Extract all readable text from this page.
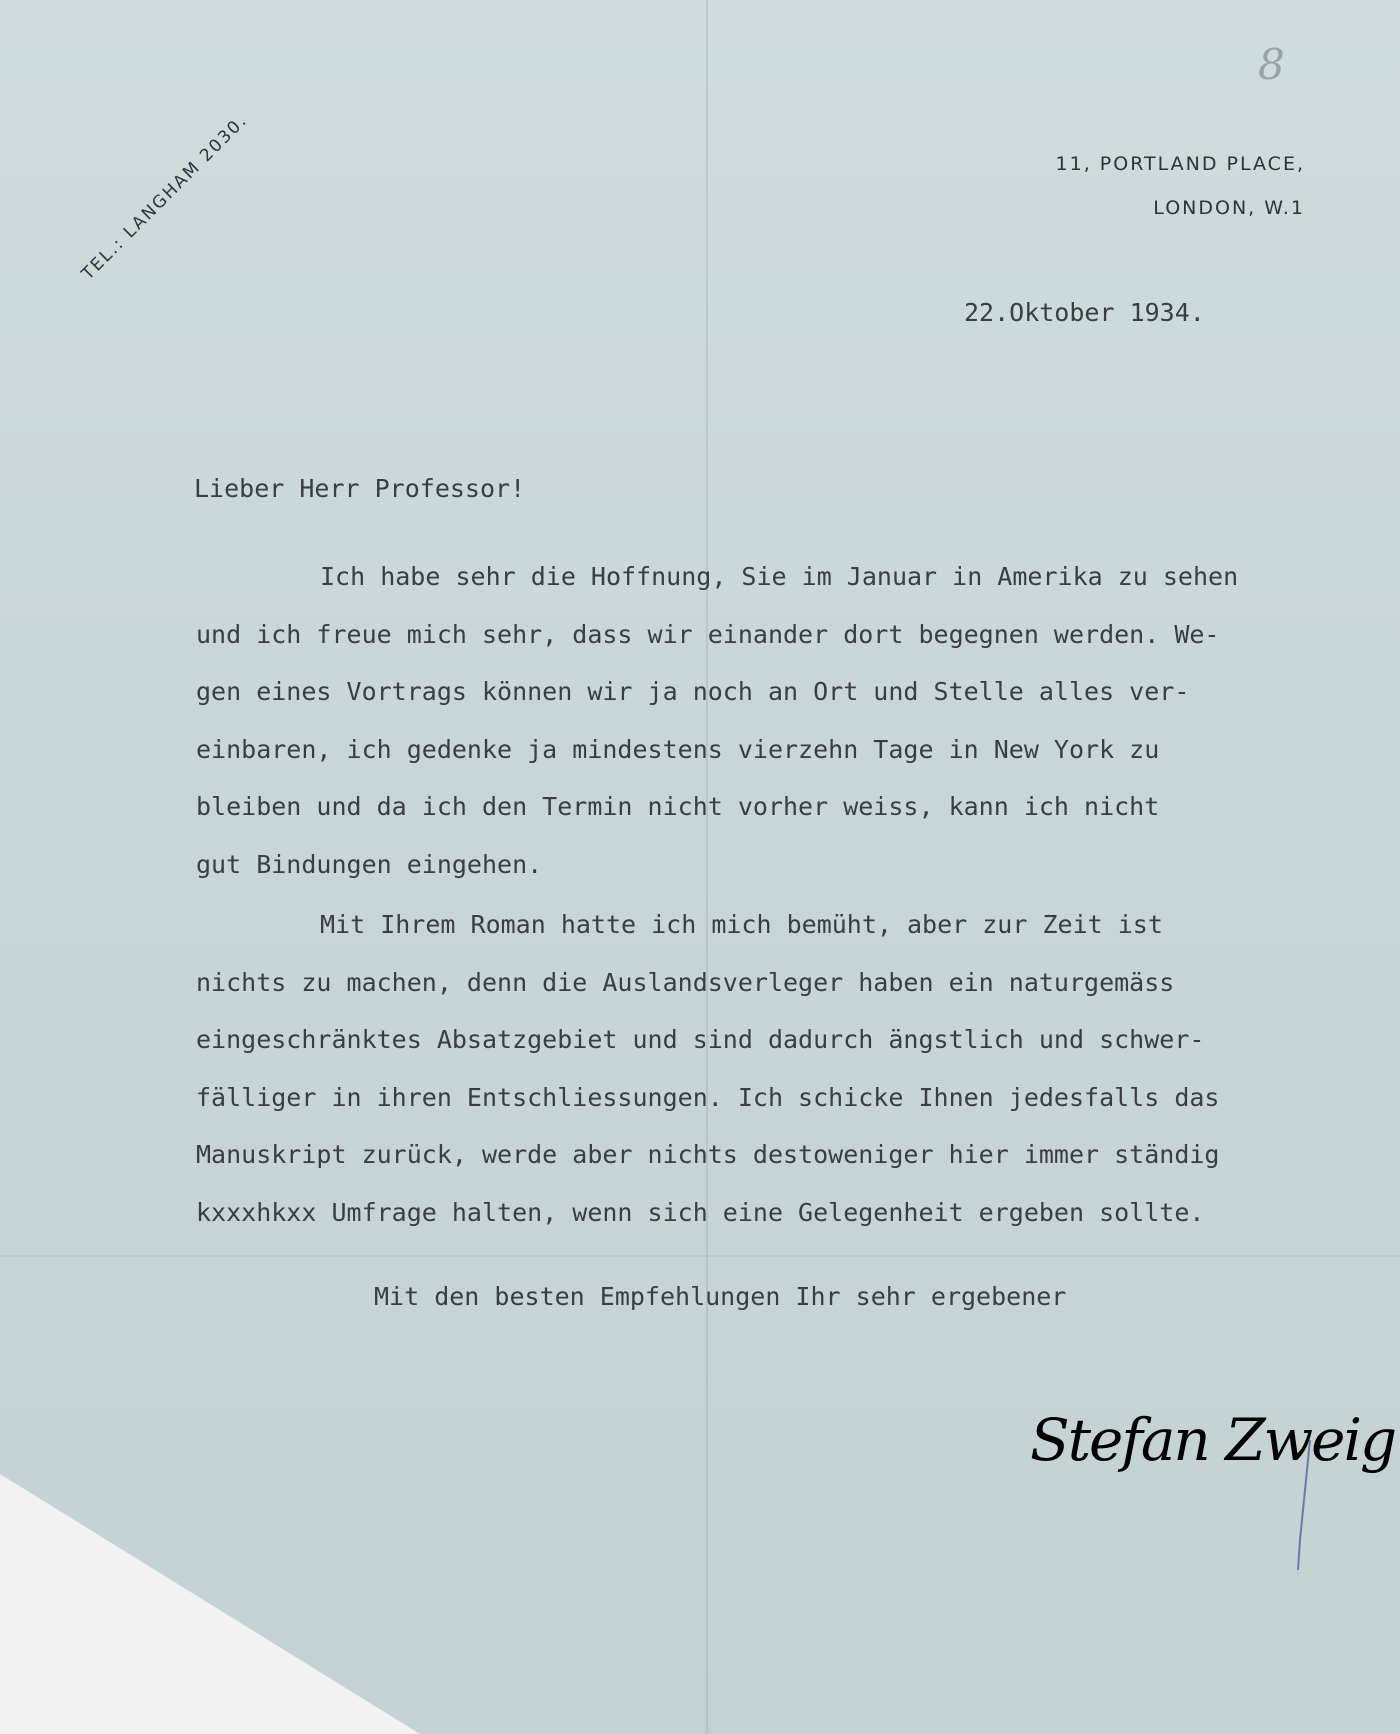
8
TEL.: LANGHAM 2030.	11, PORTLAND PLACE,
LONDON, W.1
22.Oktober 1934.
Lieber Herr Professor!
Ich habe sehr die Hoffnung, Sie im Januar in Amerika zu sehen
und ich freue mich sehr, dass wir einander dort begegnen werden. We-
gen eines Vortrags können wir ja noch an Ort und Stelle alles ver-
einbaren, ich gedenke ja mindestens vierzehn Tage in New York zu
bleiben und da ich den Termin nicht vorher weiss, kann ich nicht
gut Bindungen eingehen.
Mit Ihrem Roman hatte ich mich bemüht, aber zur Zeit ist
nichts zu machen, denn die Auslandsverleger haben ein naturgemäss
eingeschränktes Absatzgebiet und sind dadurch ängstlich und schwer-
fälliger in ihren Entschliessungen. Ich schicke Ihnen jedesfalls das
Manuskript zurück, werde aber nichts destoweniger hier immer ständig
kxxxhkxx Umfrage halten, wenn sich eine Gelegenheit ergeben sollte.
Mit den besten Empfehlungen Ihr sehr ergebener
Stefan Zweig
